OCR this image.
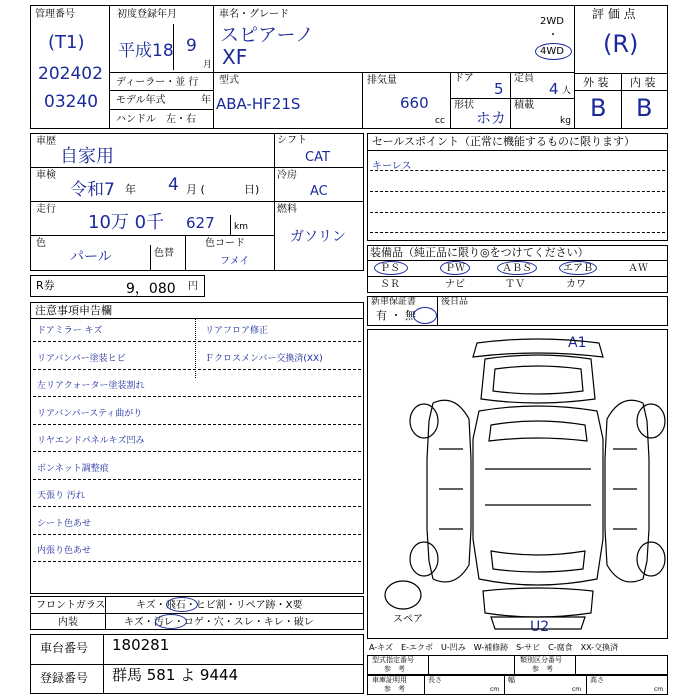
管理番号
(T1)
202402
03240
初度登録年月
平成18 9
月
ディーラー・並 行
モデル年式	年
ハンドル　左・右
車名・グレード
スピアーノ
XF
2WD
・
4WD
型式
ABA-HF21S
排気量
660
cc
ドア
5
定員
4 人
形状
ホカ
積載
kg
評 価 点
(R)
外 装 内 装
B B
車歴
自家用
車検
令和7 年 4 月 (	日)
走行
10万 0千 627 km
色
パール	色替
色コード
フメイ
シフト
CAT
冷房
AC
燃料
ガソリン
R券	9，080 円
セールスポイント（正常に機能するものに限ります）
キーレス
装備品（純正品に限り◎をつけてください）
ＰＳ	ＰＷ	ＡＢＳ	エアＢ	ＡＷ
ＳＲ	ナビ	ＴＶ	カワ
新車保証書
有 ・ 無
後日品
注意事項申告欄
ドアミラー キズ
リアバンパー塗装ヒビ
左リアクォーター塗装割れ
リアバンパースティ曲がり
リヤエンドパネルキズ凹み
ボンネット調整痕
天張り 汚れ
シート色あせ
内張り色あせ
リアフロア修正
Ｆクロスメンバー交換済(XX)
A1
U2
スペア
フロントガラス	キズ・飛石・ヒビ割・リペア跡・X要
内装	キズ・汚レ・コゲ・穴・スレ・キレ・破レ
車台番号 180281
登録番号 群馬 581 よ 9444
A-キズ　E-エクボ　U-凹み　W-補修跡　S-サビ　C-腐食　XX-交換済
型式指定番号
参　考
類別区分番号
参　考
車庫証明用
参　考
長さ
cm
幅
cm
高さ
cm
